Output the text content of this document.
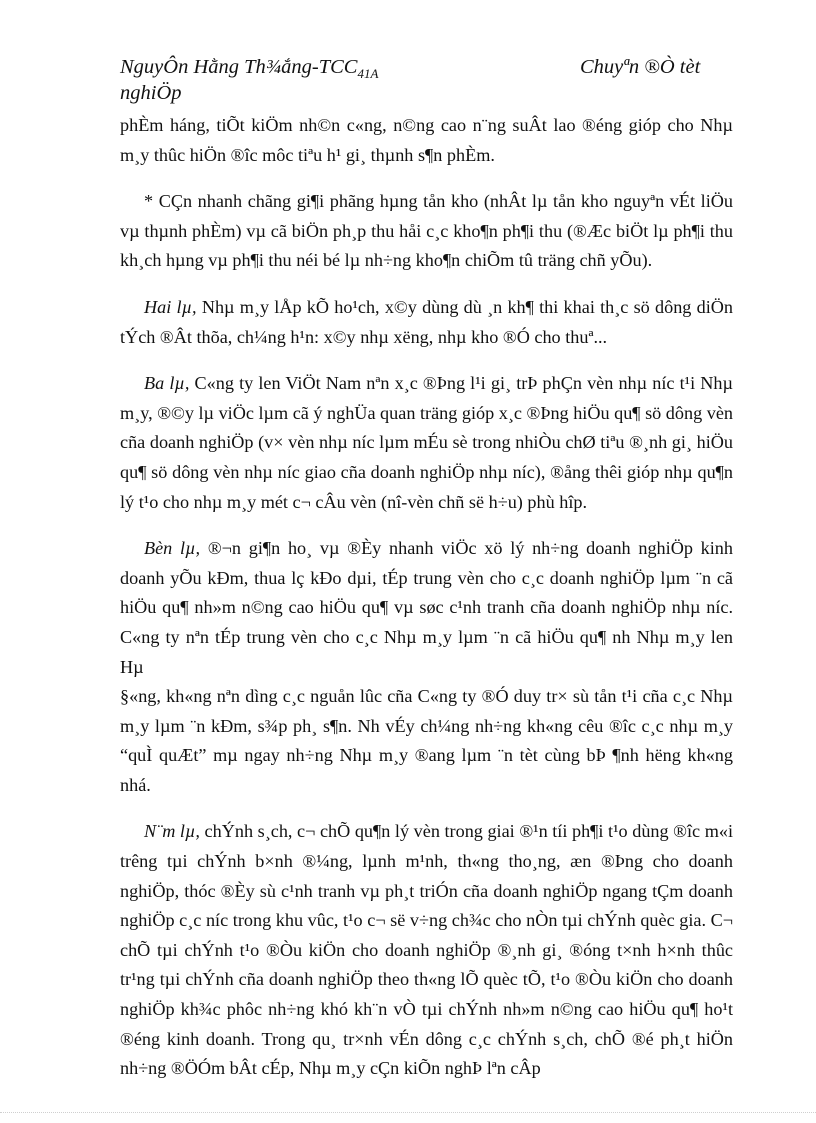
NguyÔn Hằng Th¾ắng-$TCC_{41A}$	Chuyªn ®Ò tèt
nghiÖp

phÈm háng, tiÕt kiÖm nh©n c«ng, n©ng cao n¨ng suÂt lao ®éng gióp cho Nhµ m¸y thûc hiÖn ®îc môc tiªu h¹ gi¸ thµnh s¶n phÈm.

* CÇn nhanh chãng gi¶i phãng hµng tån kho (nhÂt lµ tån kho nguyªn vÉt liÖu vµ thµnh phÈm) vµ cã biÖn ph¸p thu håi c¸c kho¶n ph¶i thu (®Æc biÖt lµ ph¶i thu kh¸ch hµng vµ ph¶i thu néi bé lµ nh÷ng kho¶n chiÕm tû träng chñ yÕu).

Hai lµ, Nhµ m¸y lÅp kÕ ho¹ch, x©y dùng dù ¸n kh¶ thi khai th¸c sö dông diÖn tÝch ®Ât thõa, ch¼ng h¹n: x©y nhµ xëng, nhµ kho ®Ó cho thuª...

Ba lµ, C«ng ty len ViÖt Nam nªn x¸c ®Þng l¹i gi¸ trÞ phÇn vèn nhµ níc t¹i Nhµ m¸y, ®©y lµ viÖc lµm cã ý nghÜa quan träng gióp x¸c ®Þng hiÖu qu¶ sö dông vèn cña doanh nghiÖp (v× vèn nhµ níc lµm mÉu sè trong nhiÒu chØ tiªu ®¸nh gi¸ hiÖu qu¶ sö dông vèn nhµ níc giao cña doanh nghiÖp nhµ níc), ®ång thêi gióp nhµ qu¶n lý t¹o cho nhµ m¸y mét c¬ cÂu vèn (nî-vèn chñ së h÷u) phù hîp.

Bèn lµ, ®¬n gi¶n ho¸ vµ ®Èy nhanh viÖc xö lý nh÷ng doanh nghiÖp kinh doanh yÕu kÐm, thua lç kÐo dµi, tÉp trung vèn cho c¸c doanh nghiÖp lµm ¨n cã hiÖu qu¶ nh»m n©ng cao hiÖu qu¶ vµ søc c¹nh tranh cña doanh nghiÖp nhµ níc. C«ng ty nªn tÉp trung vèn cho c¸c Nhµ m¸y lµm ¨n cã hiÖu qu¶ nh Nhµ m¸y len Hµ

§«ng, kh«ng nªn dìng c¸c nguån lûc cña C«ng ty ®Ó duy tr× sù tån t¹i cña c¸c Nhµ m¸y lµm ¨n kÐm, s¾p ph¸ s¶n. Nh vÉy ch¼ng nh÷ng kh«ng cêu ®îc c¸c nhµ m¸y “quÌ quÆt” mµ ngay nh÷ng Nhµ m¸y ®ang lµm ¨n tèt cùng bÞ ¶nh hëng kh«ng nhá.

N¨m lµ, chÝnh s¸ch, c¬ chÕ qu¶n lý vèn trong giai ®¹n tíi ph¶i t¹o dùng ®îc m«i trêng tµi chÝnh b×nh ®¼ng, lµnh m¹nh, th«ng tho¸ng, æn ®Þng cho doanh nghiÖp, thóc ®Èy sù c¹nh tranh vµ ph¸t triÓn cña doanh nghiÖp ngang tÇm doanh nghiÖp c¸c níc trong khu vûc, t¹o c¬ së v÷ng ch¾c cho nÒn tµi chÝnh quèc gia. C¬ chÕ tµi chÝnh t¹o ®Òu kiÖn cho doanh nghiÖp ®¸nh gi¸ ®óng t×nh h×nh thûc tr¹ng tµi chÝnh cña doanh nghiÖp theo th«ng lÕ quèc tÕ, t¹o ®Òu kiÖn cho doanh nghiÖp kh¾c phôc nh÷ng khó kh¨n vÒ tµi chÝnh nh»m n©ng cao hiÖu qu¶ ho¹t ®éng kinh doanh. Trong qu¸ tr×nh vÉn dông c¸c chÝnh s¸ch, chÕ ®é ph¸t hiÖn nh÷ng ®ÖÓm bÂt cÉp, Nhµ m¸y cÇn kiÕn nghÞ lªn cÂp
